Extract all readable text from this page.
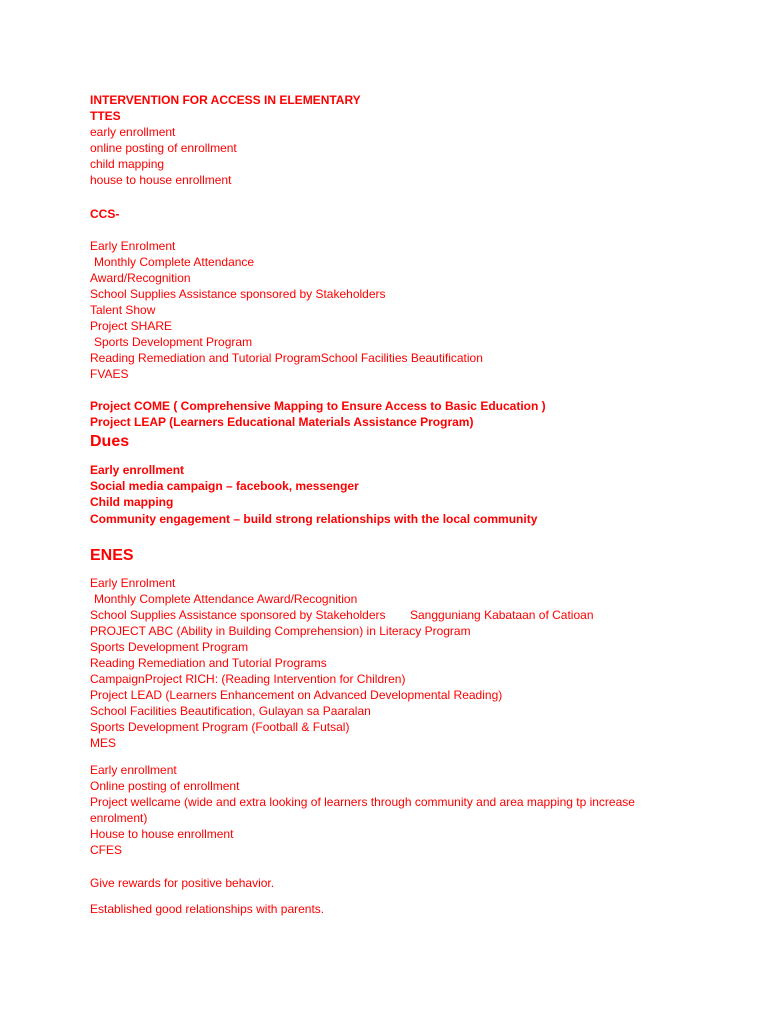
INTERVENTION FOR ACCESS IN ELEMENTARY

TTES

early enrollment

online posting of enrollment

child mapping

house to house enrollment

CCS-

Early Enrolment

Monthly Complete Attendance

Award/Recognition

School Supplies Assistance sponsored by Stakeholders

Talent Show

Project SHARE

Sports Development Program

Reading Remediation and Tutorial ProgramSchool Facilities Beautification

FVAES

Project COME ( Comprehensive Mapping to Ensure Access to Basic Education )

Project LEAP (Learners Educational Materials Assistance Program)

Dues

Early enrollment

Social media campaign – facebook, messenger

Child mapping

Community engagement – build strong relationships with the local community

ENES

Early Enrolment

Monthly Complete Attendance Award/Recognition

School Supplies Assistance sponsored by Stakeholders Sangguniang Kabataan of Catioan

PROJECT ABC (Ability in Building Comprehension) in Literacy Program

Sports Development Program

Reading Remediation and Tutorial Programs

CampaignProject RICH: (Reading Intervention for Children)

Project LEAD (Learners Enhancement on Advanced Developmental Reading)

School Facilities Beautification, Gulayan sa Paaralan

Sports Development Program (Football & Futsal)

MES

Early enrollment

Online posting of enrollment

Project wellcame (wide and extra looking of learners through community and area mapping tp increase

enrolment)

House to house enrollment

CFES

Give rewards for positive behavior.

Established good relationships with parents.
